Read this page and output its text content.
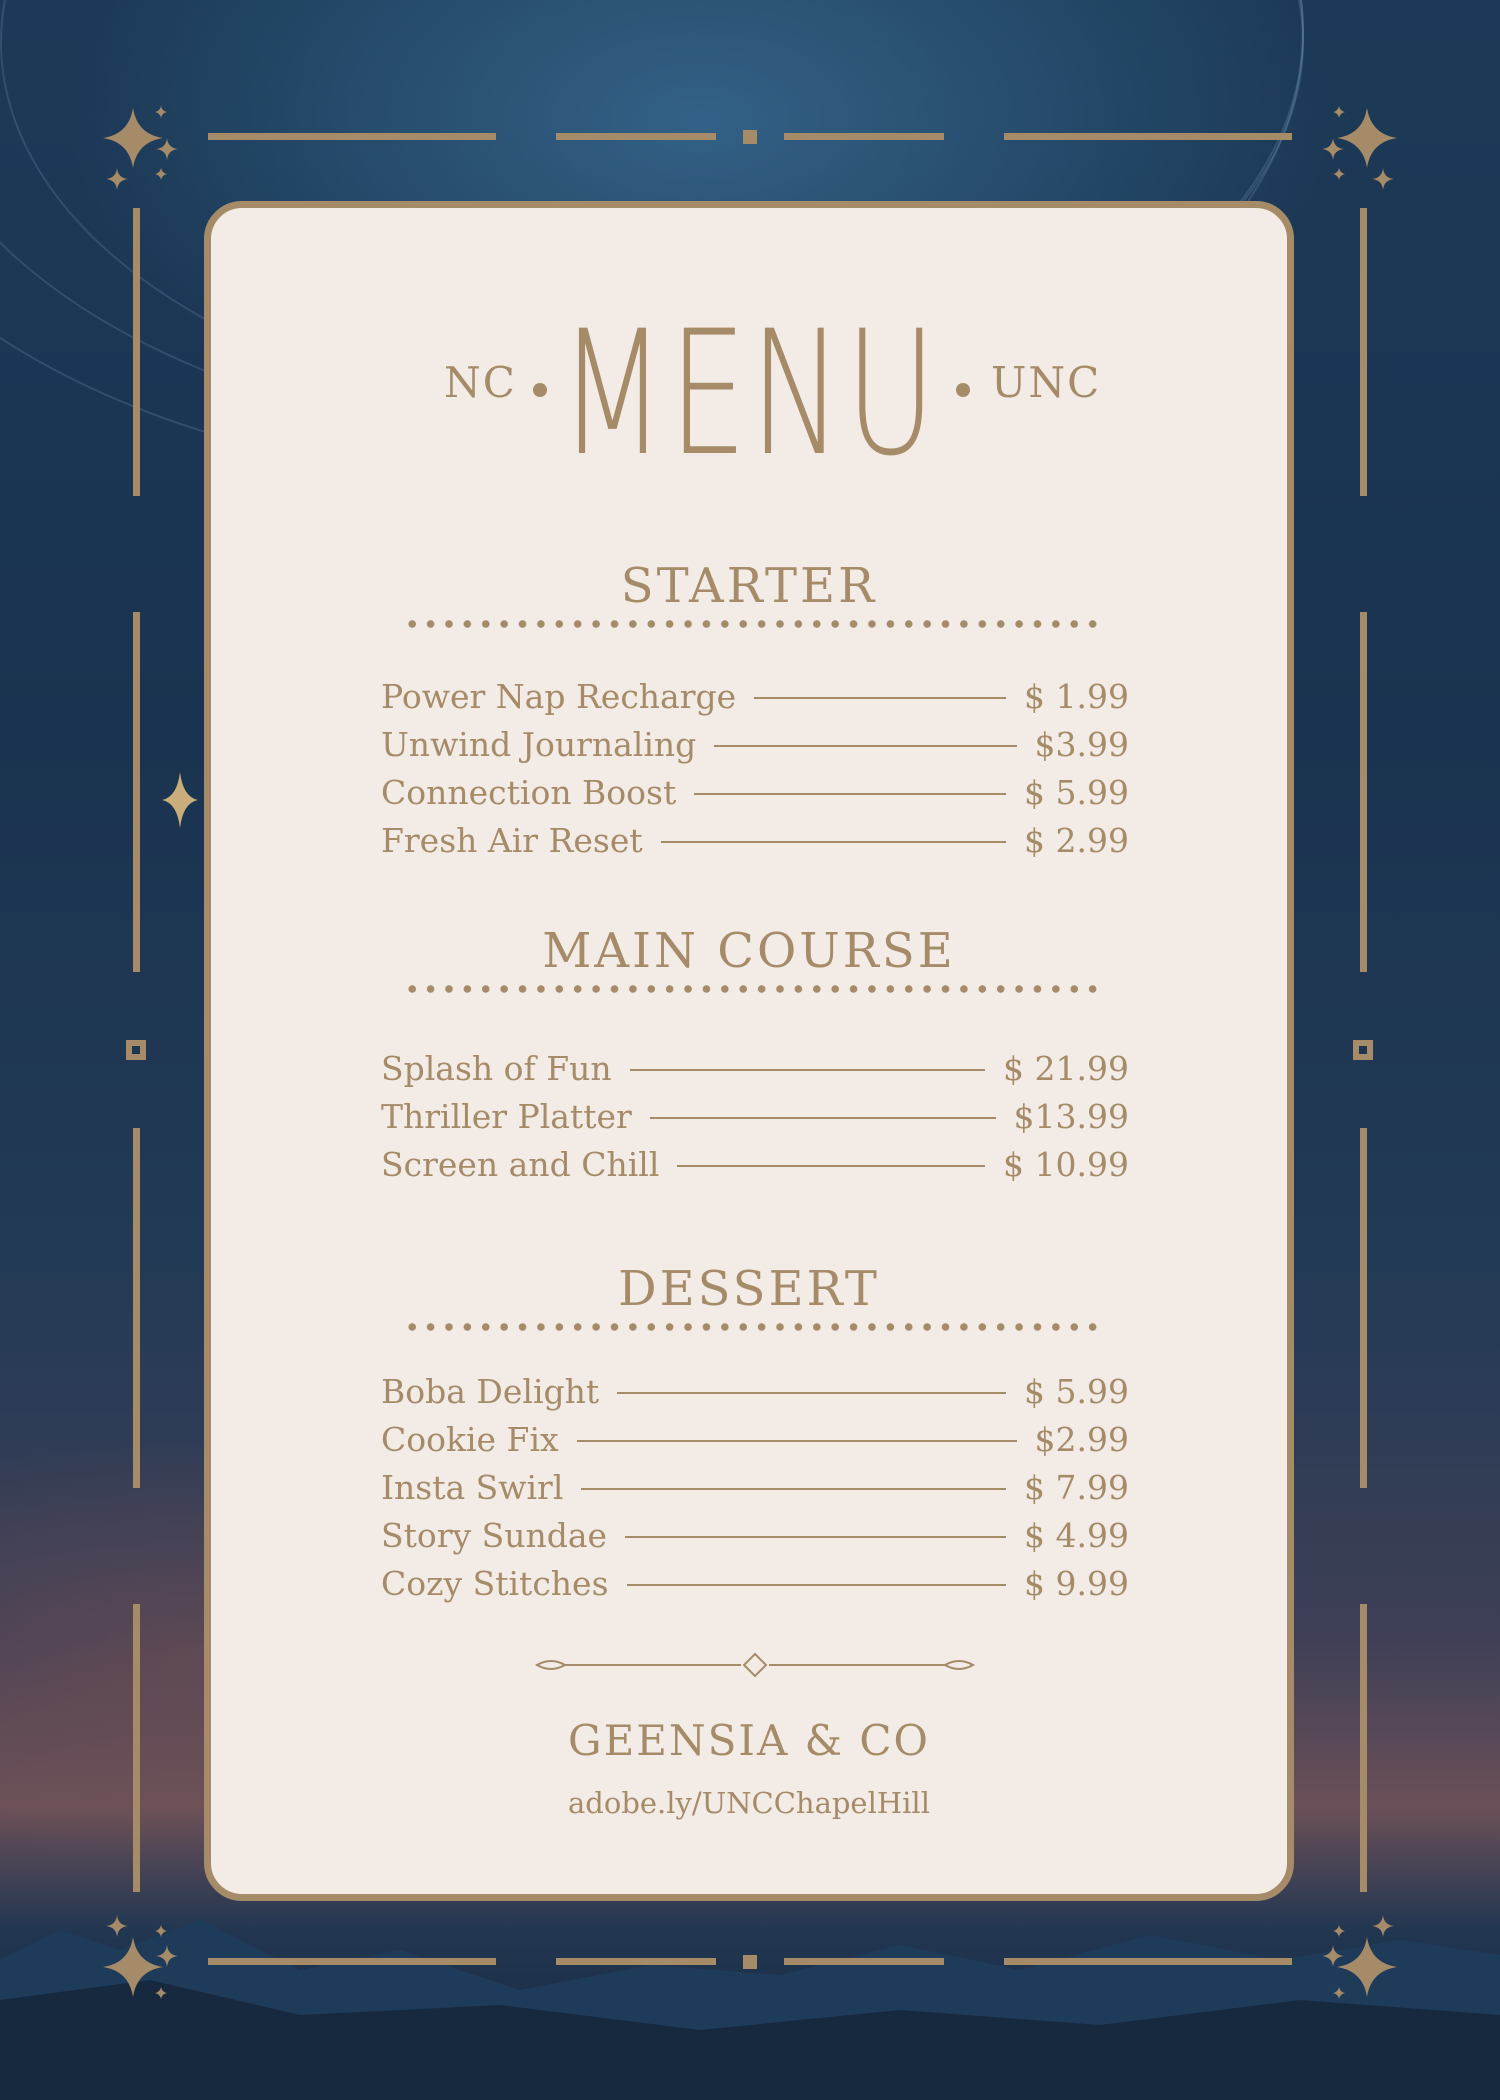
NC MENU	UNC
STARTER
Power Nap Recharge	$ 1.99
Unwind Journaling	$3.99
Connection Boost	$ 5.99
Fresh Air Reset	$ 2.99
MAIN COURSE
Splash of Fun	$ 21.99
Thriller Platter	$13.99
Screen and Chill	$ 10.99
DESSERT
Boba Delight	$ 5.99
Cookie Fix	$2.99
Insta Swirl	$ 7.99
Story Sundae	$ 4.99
Cozy Stitches	$ 9.99
GEENSIA & CO
adobe.ly/UNCChapelHill
